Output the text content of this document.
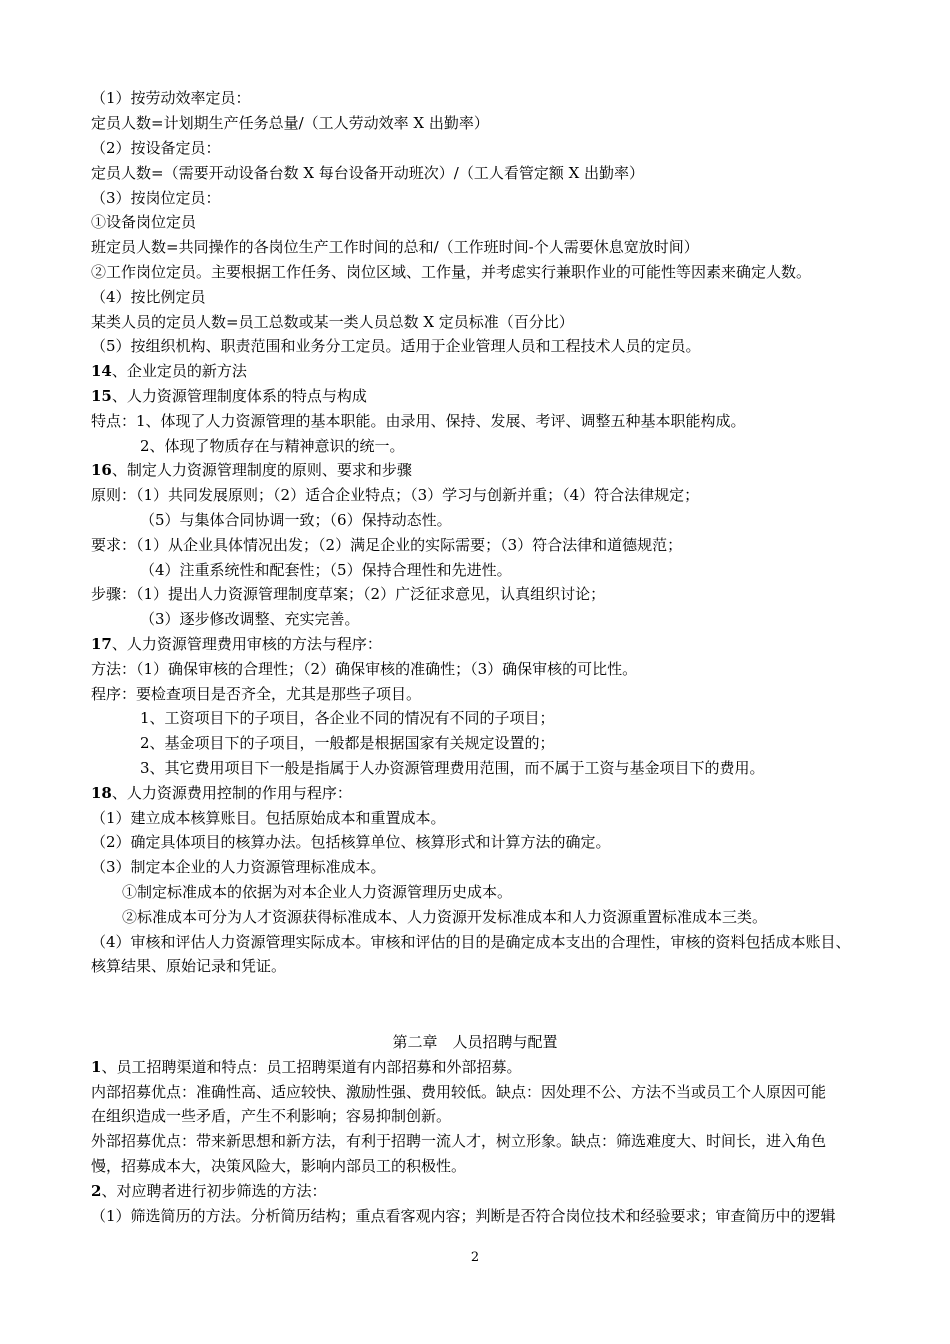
（1）按劳动效率定员：
定员人数=计划期生产任务总量/（工人劳动效率 X 出勤率）
（2）按设备定员：
定员人数=（需要开动设备台数 X 每台设备开动班次）/（工人看管定额 X 出勤率）
（3）按岗位定员：
①设备岗位定员
班定员人数=共同操作的各岗位生产工作时间的总和/（工作班时间-个人需要休息宽放时间）
②工作岗位定员。主要根据工作任务、岗位区域、工作量，并考虑实行兼职作业的可能性等因素来确定人数。
（4）按比例定员
某类人员的定员人数=员工总数或某一类人员总数 X 定员标准（百分比）
（5）按组织机构、职责范围和业务分工定员。适用于企业管理人员和工程技术人员的定员。
14、企业定员的新方法
15、人力资源管理制度体系的特点与构成
特点：1、体现了人力资源管理的基本职能。由录用、保持、发展、考评、调整五种基本职能构成。
2、体现了物质存在与精神意识的统一。
16、制定人力资源管理制度的原则、要求和步骤
原则：（1）共同发展原则；（2）适合企业特点；（3）学习与创新并重；（4）符合法律规定；
（5）与集体合同协调一致；（6）保持动态性。
要求：（1）从企业具体情况出发；（2）满足企业的实际需要；（3）符合法律和道德规范；
（4）注重系统性和配套性；（5）保持合理性和先进性。
步骤：（1）提出人力资源管理制度草案；（2）广泛征求意见，认真组织讨论；
（3）逐步修改调整、充实完善。
17、人力资源管理费用审核的方法与程序：
方法：（1）确保审核的合理性；（2）确保审核的准确性；（3）确保审核的可比性。
程序：要检查项目是否齐全，尤其是那些子项目。
1、工资项目下的子项目，各企业不同的情况有不同的子项目；
2、基金项目下的子项目，一般都是根据国家有关规定设置的；
3、其它费用项目下一般是指属于人办资源管理费用范围，而不属于工资与基金项目下的费用。
18、人力资源费用控制的作用与程序：
（1）建立成本核算账目。包括原始成本和重置成本。
（2）确定具体项目的核算办法。包括核算单位、核算形式和计算方法的确定。
（3）制定本企业的人力资源管理标准成本。
①制定标准成本的依据为对本企业人力资源管理历史成本。
②标准成本可分为人才资源获得标准成本、人力资源开发标准成本和人力资源重置标准成本三类。
（4）审核和评估人力资源管理实际成本。审核和评估的目的是确定成本支出的合理性，审核的资料包括成本账目、
核算结果、原始记录和凭证。
第二章　人员招聘与配置
1、员工招聘渠道和特点：员工招聘渠道有内部招募和外部招募。
内部招募优点：准确性高、适应较快、激励性强、费用较低。缺点：因处理不公、方法不当或员工个人原因可能
在组织造成一些矛盾，产生不利影响；容易抑制创新。
外部招募优点：带来新思想和新方法，有利于招聘一流人才，树立形象。缺点：筛选难度大、时间长，进入角色
慢，招募成本大，决策风险大，影响内部员工的积极性。
2、对应聘者进行初步筛选的方法：
（1）筛选简历的方法。分析简历结构；重点看客观内容；判断是否符合岗位技术和经验要求；审查简历中的逻辑
2
